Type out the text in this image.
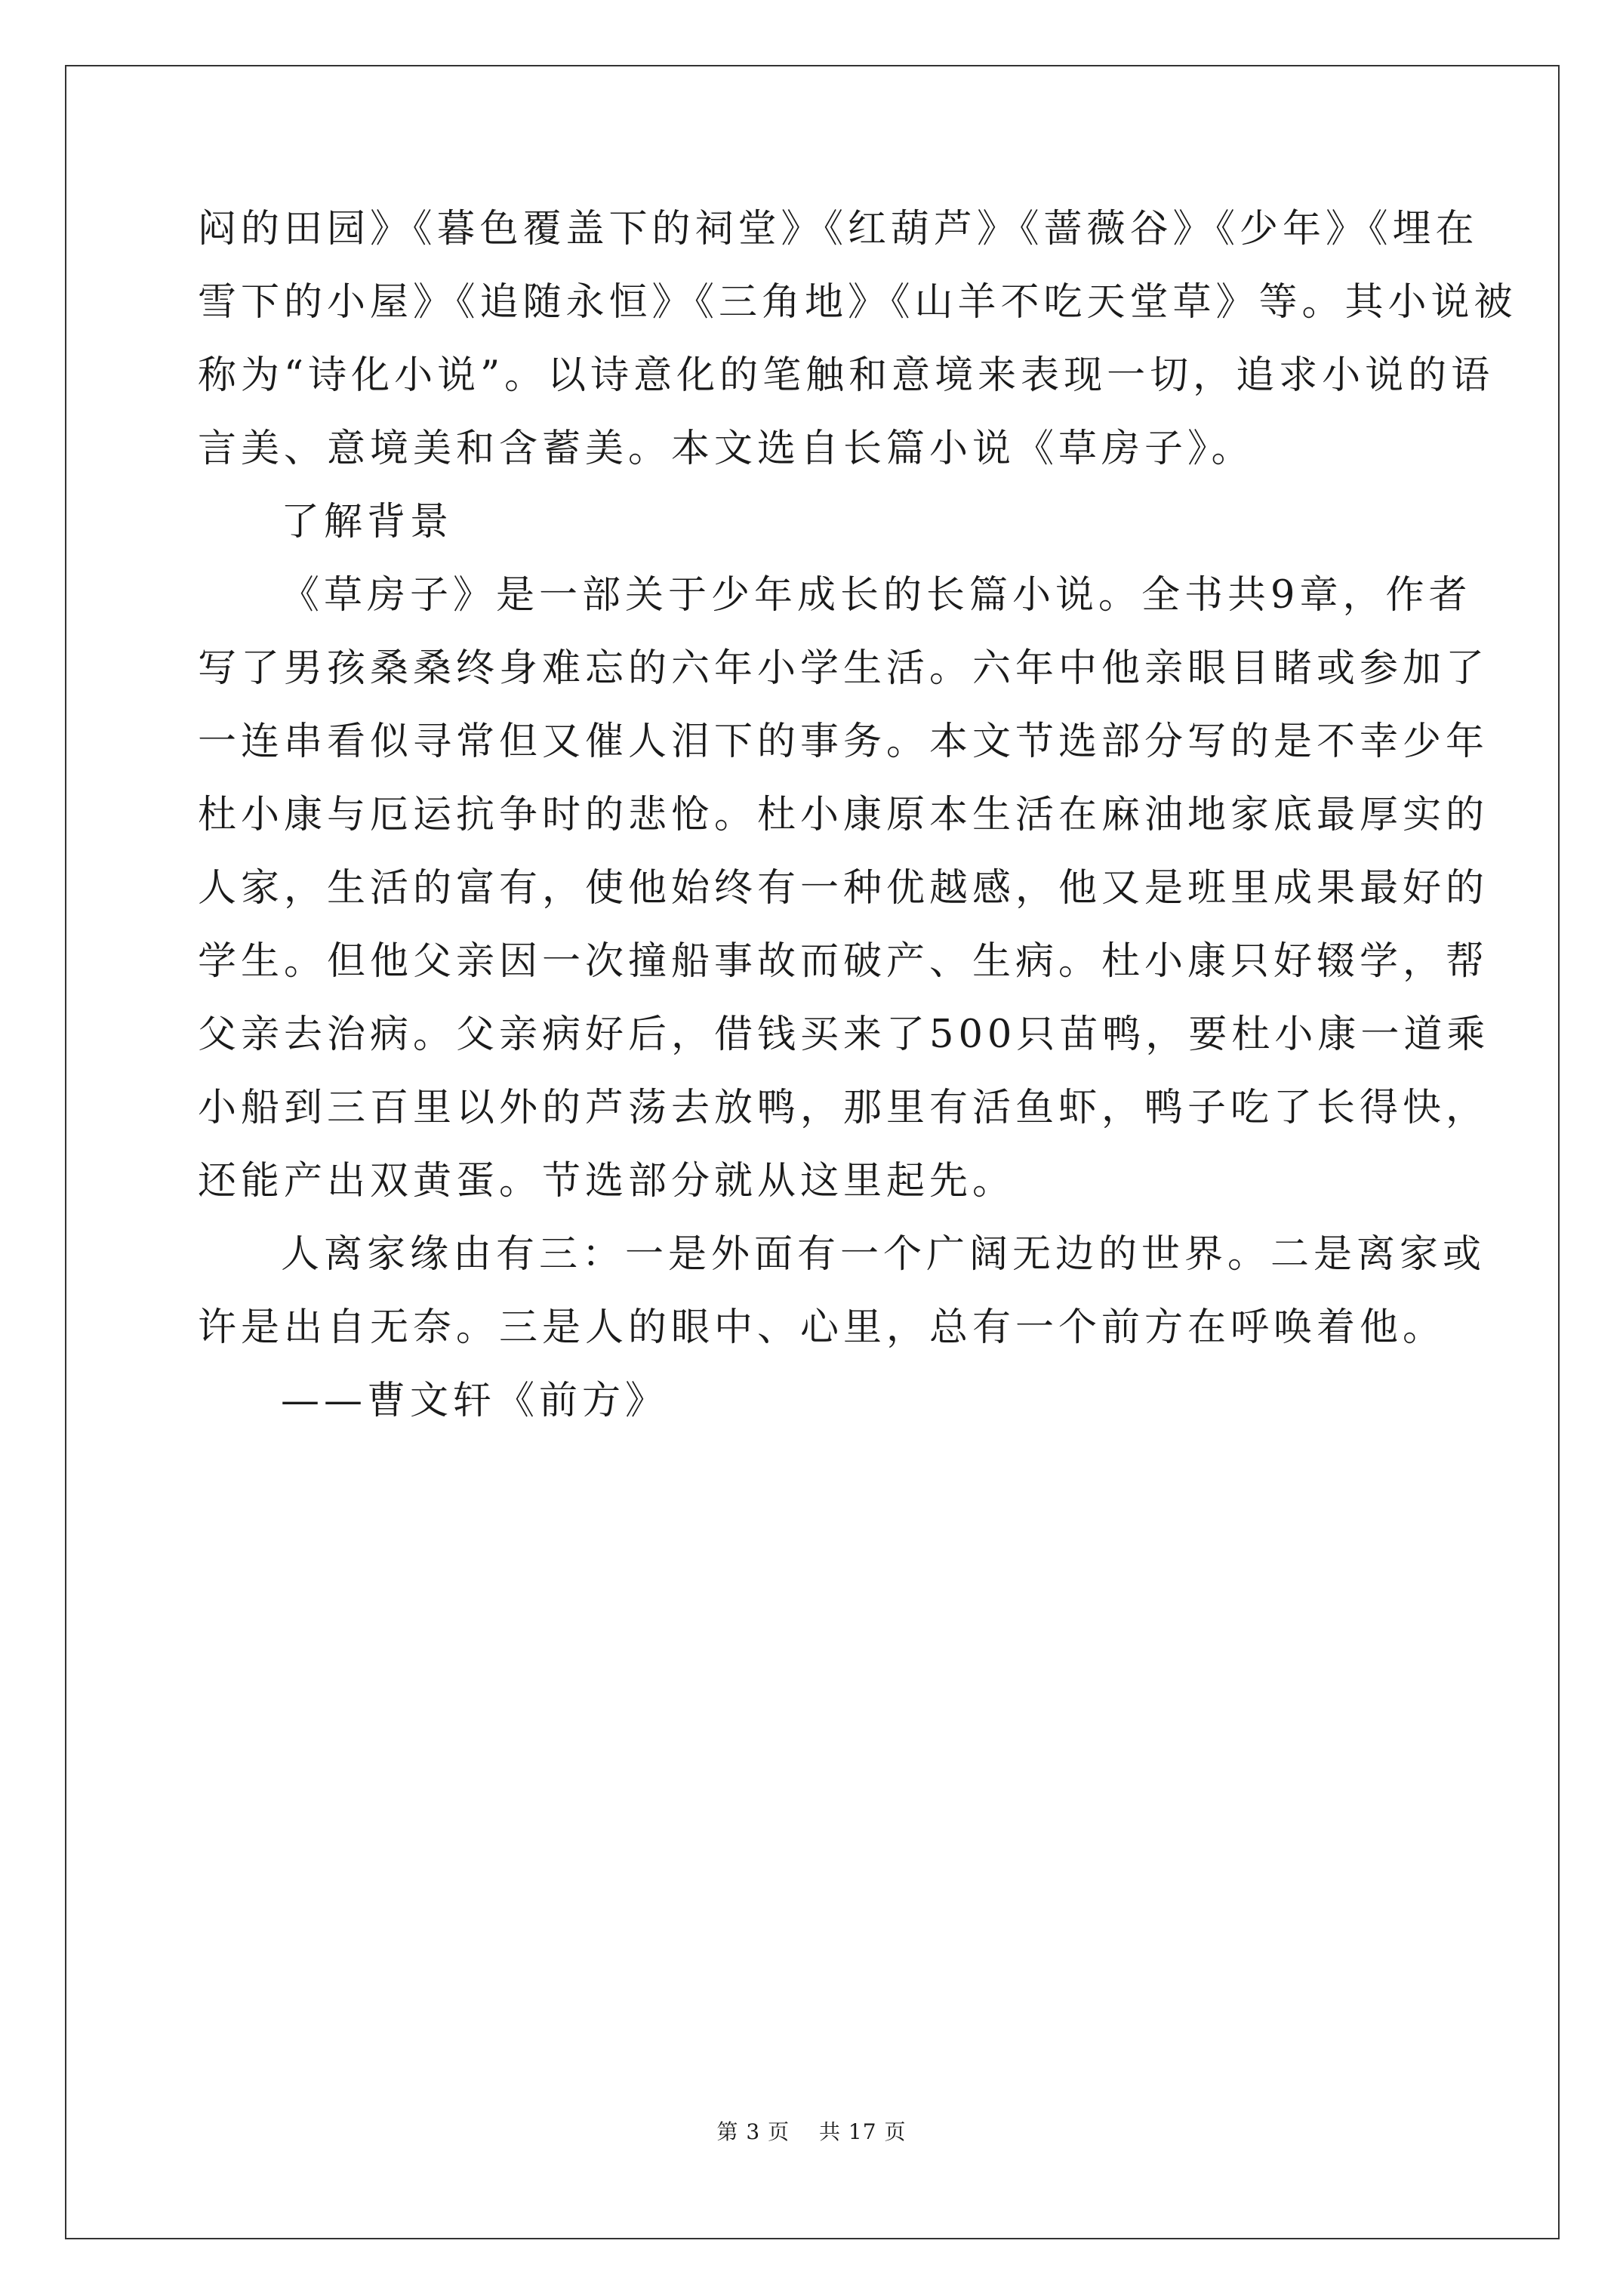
闷的田园》《暮色覆盖下的祠堂》《红葫芦》《蔷薇谷》《少年》《埋在
雪下的小屋》《追随永恒》《三角地》《山羊不吃天堂草》等。其小说被
称为“诗化小说”。以诗意化的笔触和意境来表现一切，追求小说的语
言美、意境美和含蓄美。本文选自长篇小说《草房子》。
了解背景
《草房子》是一部关于少年成长的长篇小说。全书共9章，作者
写了男孩桑桑终身难忘的六年小学生活。六年中他亲眼目睹或参加了
一连串看似寻常但又催人泪下的事务。本文节选部分写的是不幸少年
杜小康与厄运抗争时的悲怆。杜小康原本生活在麻油地家底最厚实的
人家，生活的富有，使他始终有一种优越感，他又是班里成果最好的
学生。但他父亲因一次撞船事故而破产、生病。杜小康只好辍学，帮
父亲去治病。父亲病好后，借钱买来了500只苗鸭，要杜小康一道乘
小船到三百里以外的芦荡去放鸭，那里有活鱼虾，鸭子吃了长得快，
还能产出双黄蛋。节选部分就从这里起先。
人离家缘由有三：一是外面有一个广阔无边的世界。二是离家或
许是出自无奈。三是人的眼中、心里，总有一个前方在呼唤着他。
——曹文轩《前方》
第 3 页　 共 17 页
